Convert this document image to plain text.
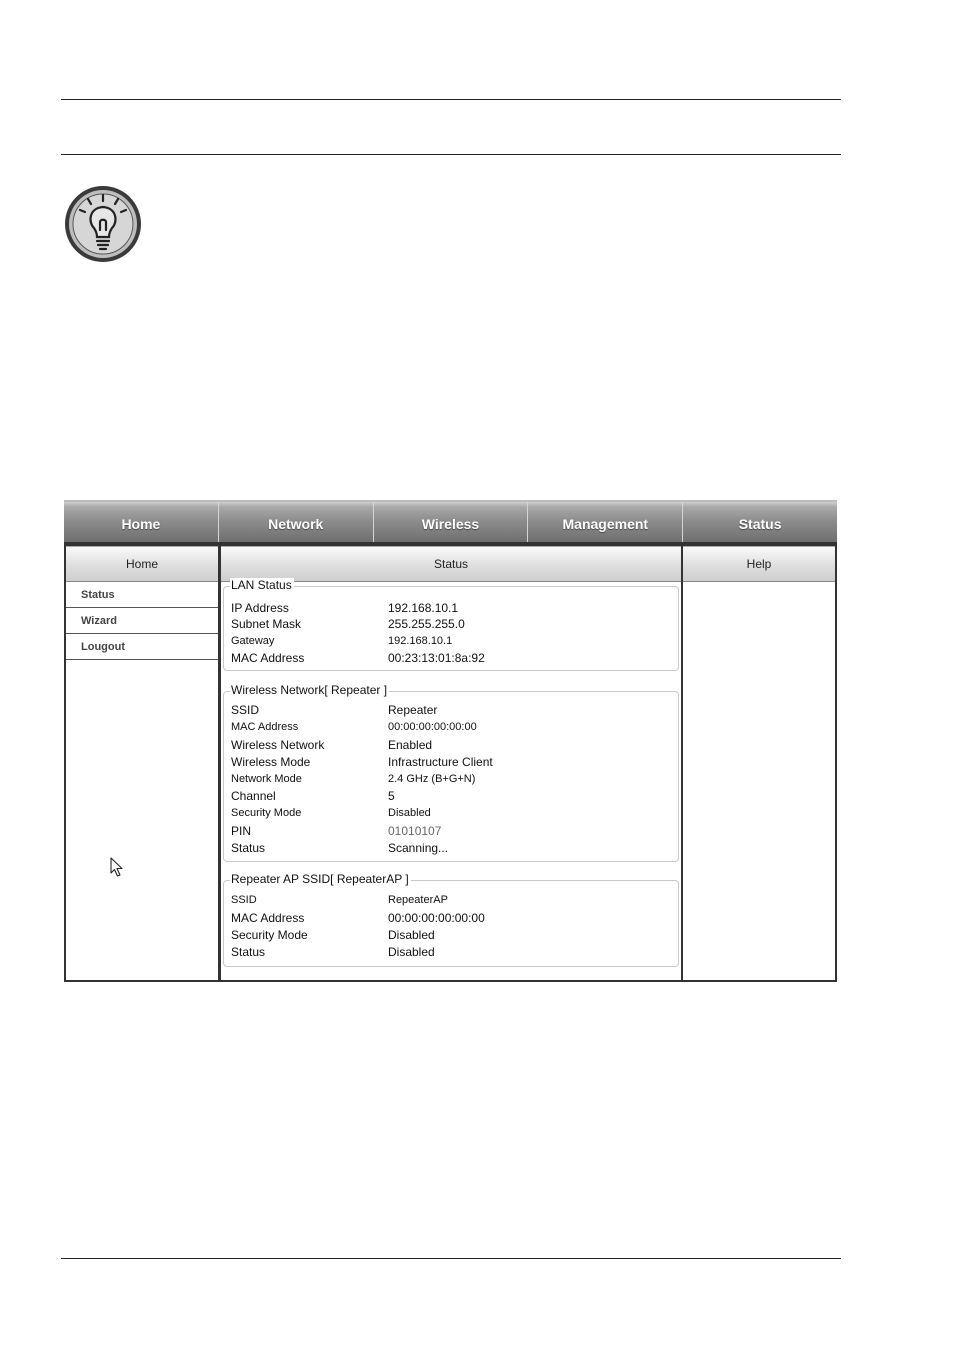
Home	Network	Wireless	Management	Status
Home
Status
Wizard
Lougout
Status
LAN Status
IP Address	192.168.10.1
Subnet Mask	255.255.255.0
Gateway	192.168.10.1
MAC Address	00:23:13:01:8a:92
Wireless Network[ Repeater ]
SSID	Repeater
MAC Address	00:00:00:00:00:00
Wireless Network	Enabled
Wireless Mode	Infrastructure Client
Network Mode	2.4 GHz (B+G+N)
Channel	5
Security Mode	Disabled
PIN	01010107
Status	Scanning...
Repeater AP SSID[ RepeaterAP ]
SSID	RepeaterAP
MAC Address	00:00:00:00:00:00
Security Mode	Disabled
Status	Disabled
Help
